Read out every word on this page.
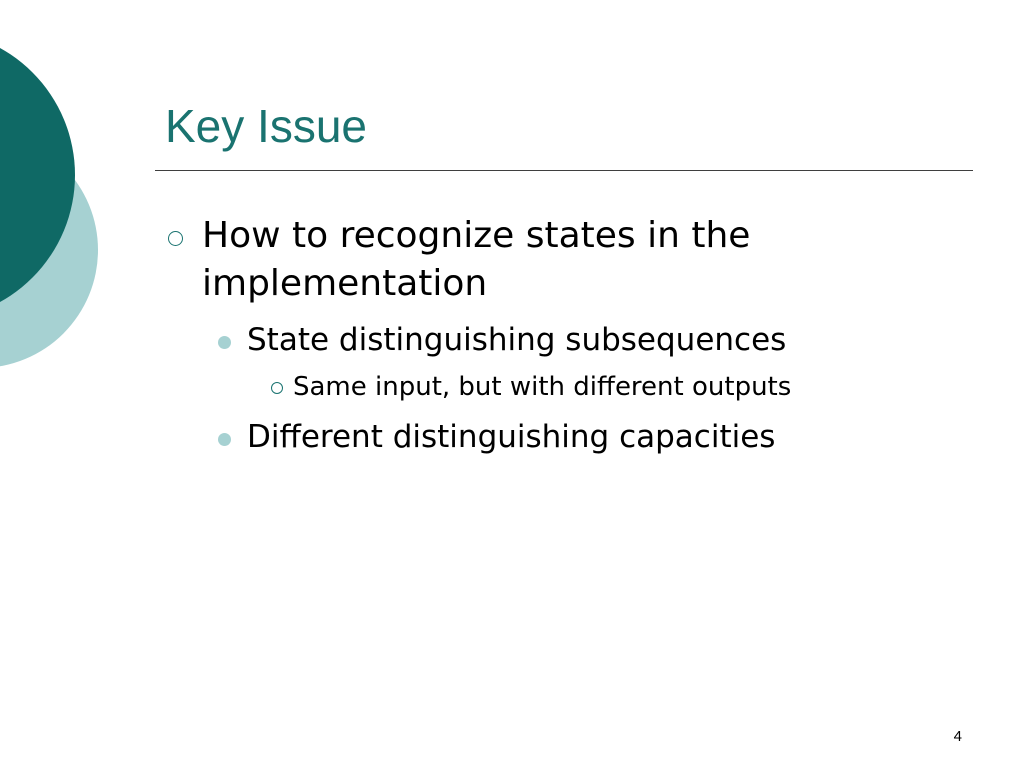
Key Issue
How to recognize states in the implementation
State distinguishing subsequences
Same input, but with different outputs
Different distinguishing capacities
4
